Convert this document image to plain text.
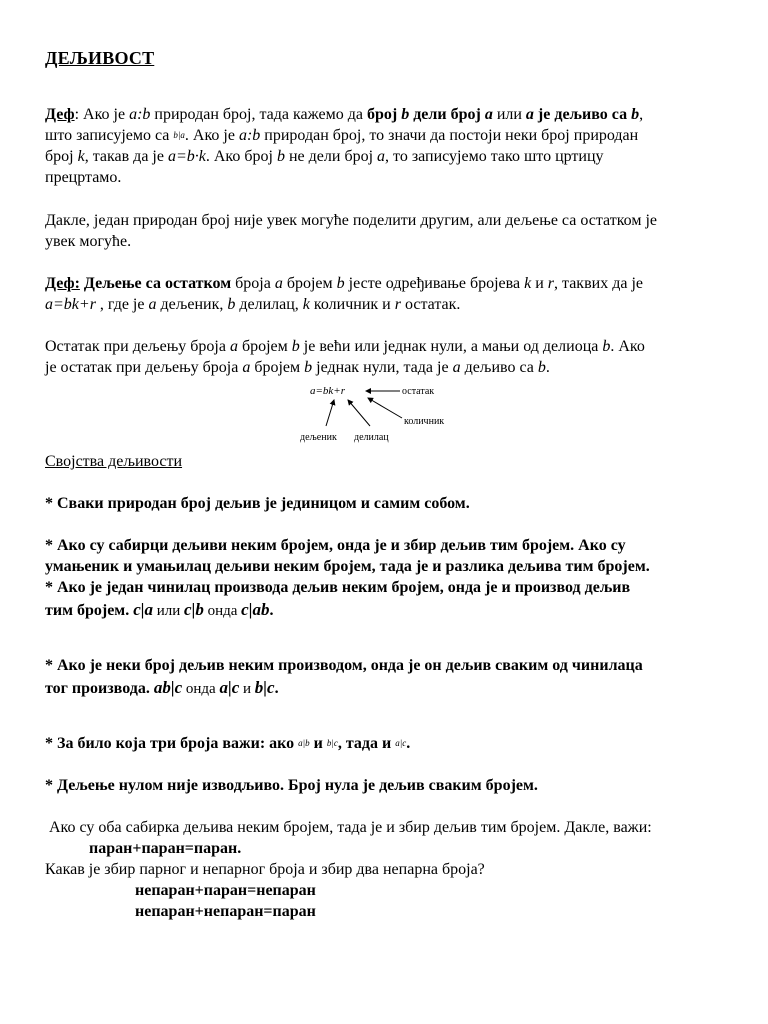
ДЕЉИВОСТ

Деф: Ако је a:b природан број, тада кажемо да број b дели број a или a је дељиво са b,
што записујемо са b|a. Ако је a:b природан број, то значи да постоји неки број природан
број k, такав да је a=b·k. Ако број b не дели број a, то записујемо тако што цртицу
прецртамо.

Дакле, један природан број није увек могуће поделити другим, али дељење са остатком је
увек могуће.

Деф: Дељење са остатком броја a бројем b јесте одређивање бројева k и r, таквих да је
a=bk+r , где је a дељеник, b делилац, k количник и r остатак.

Остатак при дељењу броја a бројем b је већи или једнак нули, а мањи од делиоца b. Ако
је остатак при дељењу броја a бројем b једнак нули, тада је a дељиво са b.

a=bk+r	остатак
количник
дељеник делилац

Својства дељивости

* Сваки природан број дељив је јединицом и самим собом.

* Ако су сабирци дељиви неким бројем, онда је и збир дељив тим бројем. Ако су
умањеник и умањилац дељиви неким бројем, тада је и разлика дељива тим бројем.

* Ако је један чинилац производа дељив неким бројем, онда је и производ дељив
тим бројем. c|a или c|b онда c|ab.

* Ако је неки број дељив неким производом, онда је он дељив сваким од чинилаца
тог производа. ab|c онда a|c и b|c.

* За било која три броја важи: ако a|b и b|c, тада и a|c.

* Дељење нулом није изводљиво. Број нула је дељив сваким бројем.

Ако су оба сабирка дељива неким бројем, тада је и збир дељив тим бројем. Дакле, важи:
паран+паран=паран.
Какав је збир парног и непарног броја и збир два непарна броја?
непаран+паран=непаран
непаран+непаран=паран
